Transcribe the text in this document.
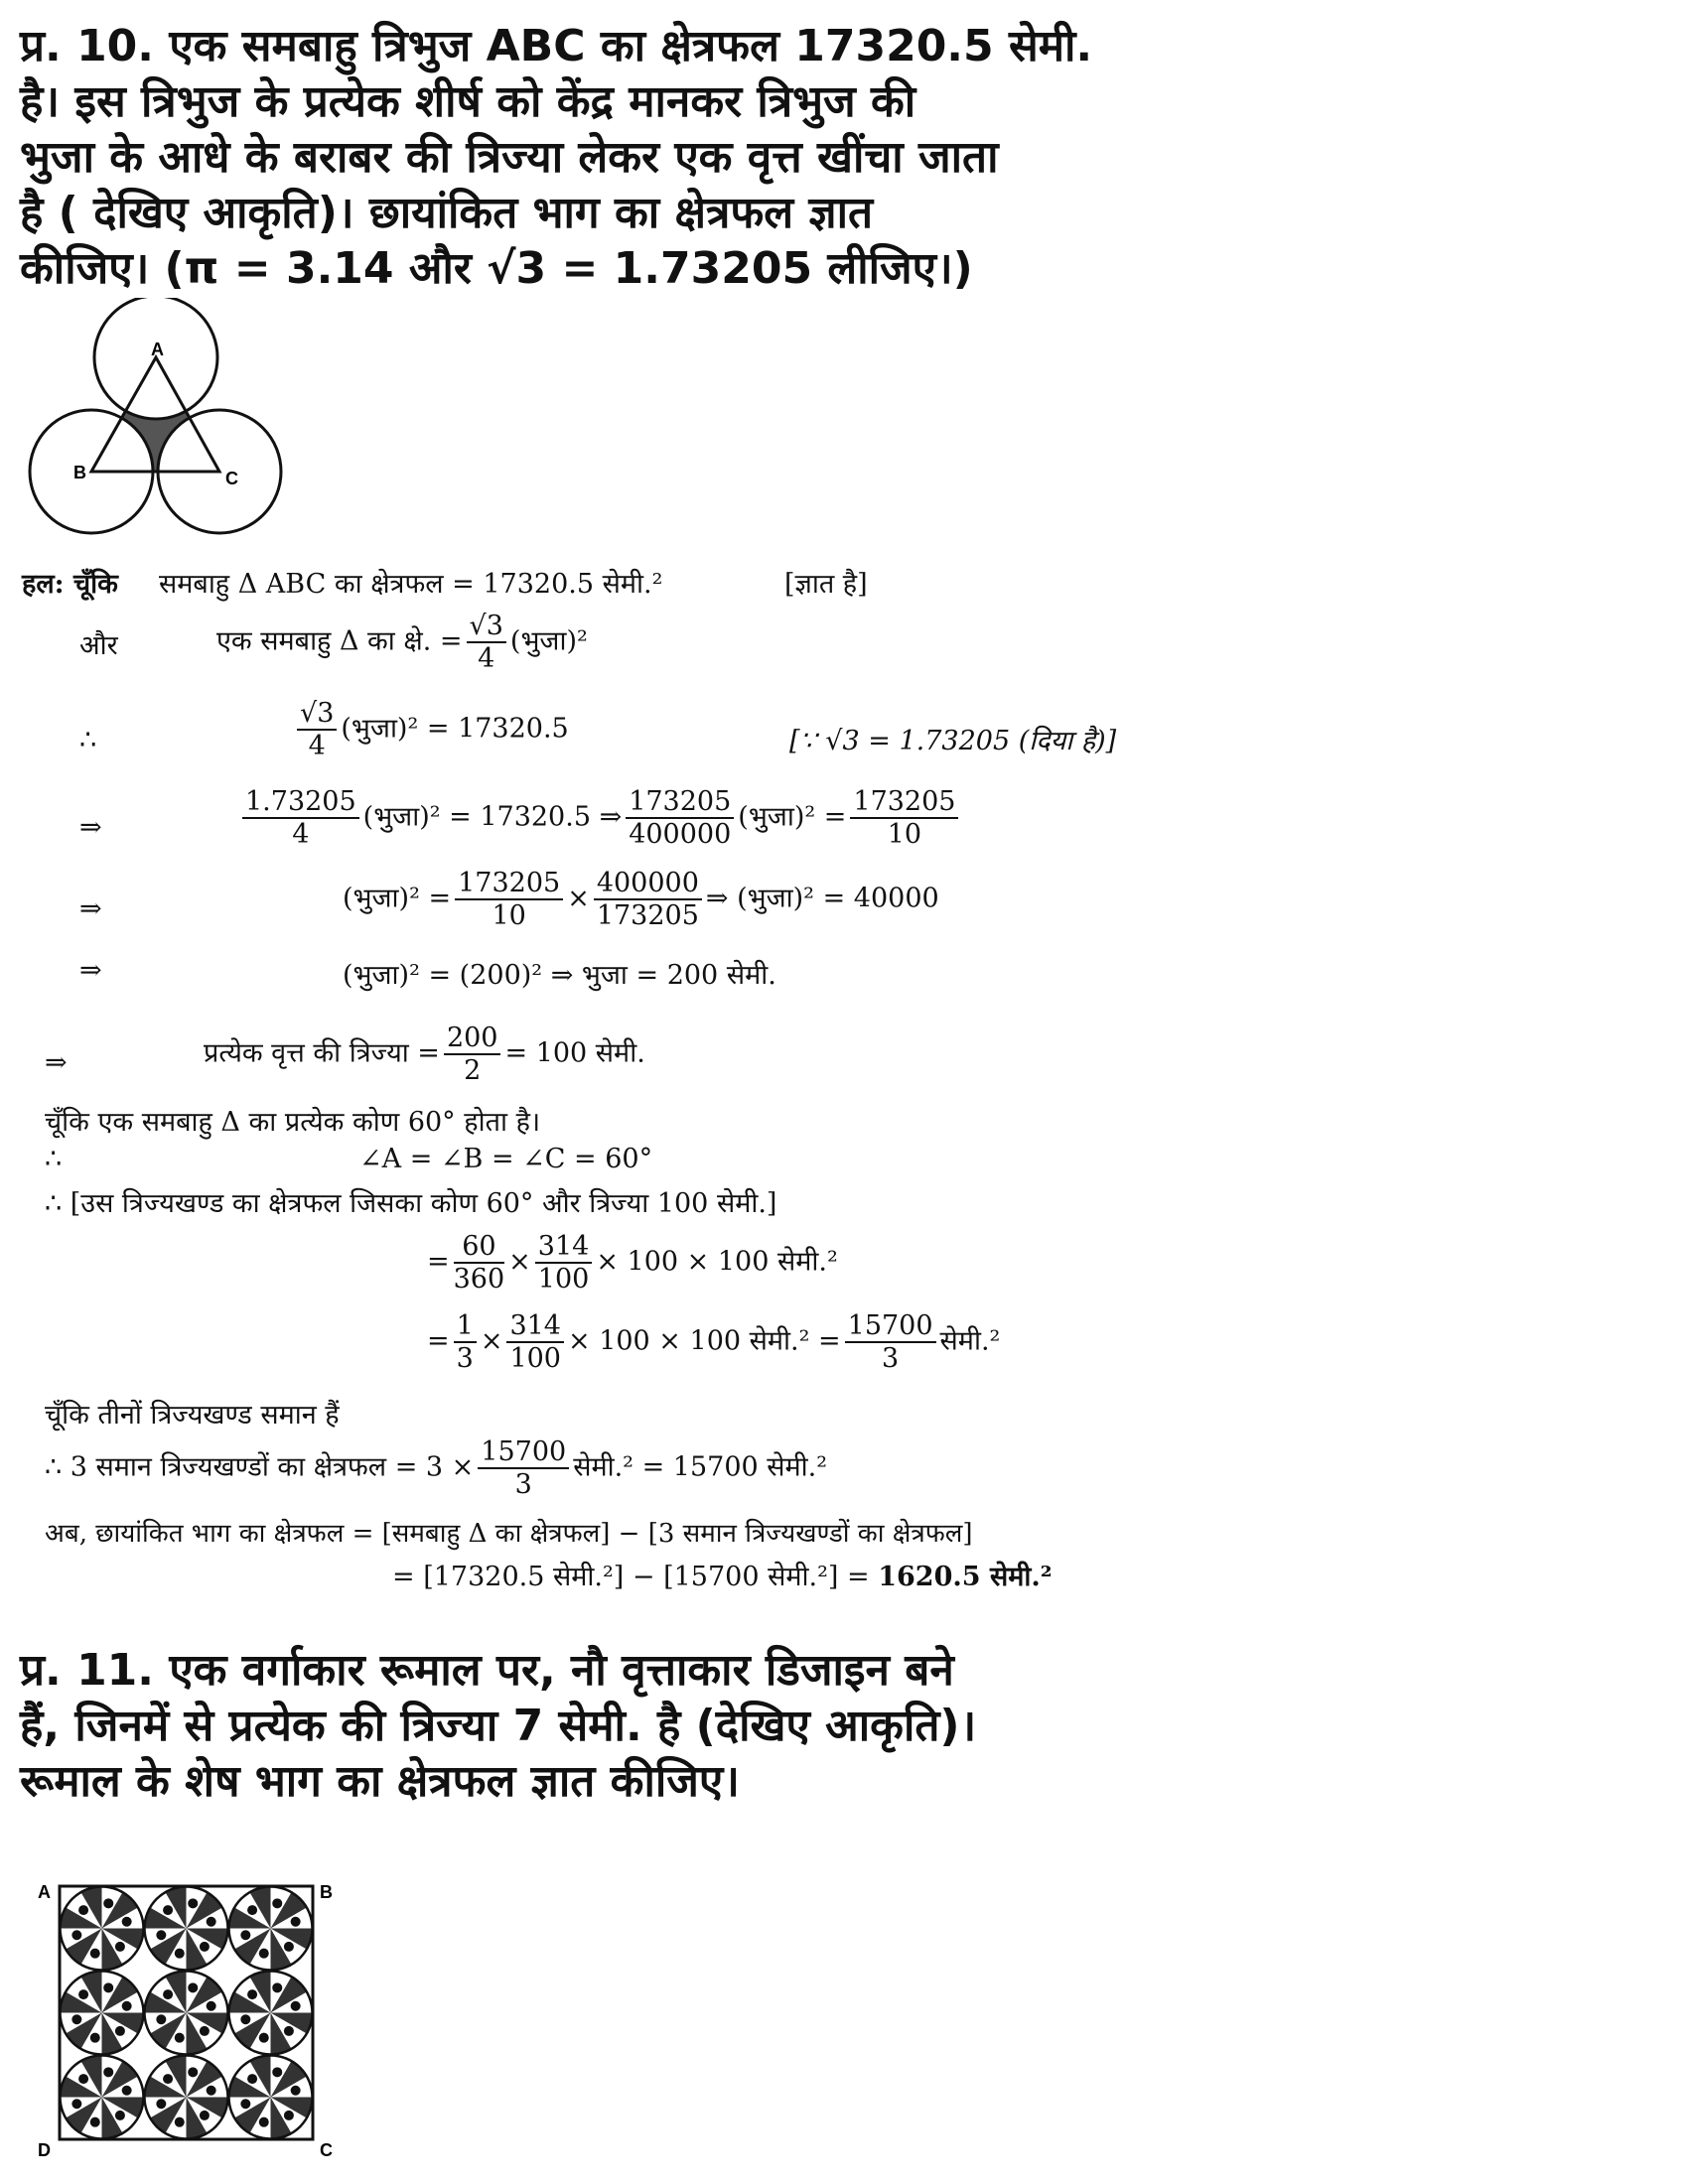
प्र. 10. एक समबाहु त्रिभुज ABC का क्षेत्रफल 17320.5 सेमी.
है। इस त्रिभुज के प्रत्येक शीर्ष को केंद्र मानकर त्रिभुज की
भुजा के आधे के बराबर की त्रिज्या लेकर एक वृत्त खींचा जाता
है ( देखिए आकृति)। छायांकित भाग का क्षेत्रफल ज्ञात
कीजिए। (π = 3.14 और √3 = 1.73205 लीजिए।)
A
B	C
हल: चूँकि समबाहु Δ ABC का क्षेत्रफल = 17320.5 सेमी.²	[ज्ञात है]
और	एक समबाहु Δ का क्षे. = $\frac{√3}{4}$ (भुजा)²
∴	$\frac{√3}{4}$ (भुजा)² = 17320.5	[∵ √3 = 1.73205 (दिया है)]
⇒	$\frac{1.73205}{4}$ (भुजा)² = 17320.5 ⇒ $\frac{173205}{400000}$ (भुजा)² = $\frac{173205}{10}$
⇒	(भुजा)² = $\frac{173205}{10} \times \frac{400000}{173205}$ ⇒ (भुजा)² = 40000
⇒	(भुजा)² = (200)² ⇒ भुजा = 200 सेमी.
⇒	प्रत्येक वृत्त की त्रिज्या = $\frac{200}{2} = 100$ सेमी.
चूँकि एक समबाहु Δ का प्रत्येक कोण 60° होता है।
∴	∠A = ∠B = ∠C = 60°
∴ [उस त्रिज्यखण्ड का क्षेत्रफल जिसका कोण 60° और त्रिज्या 100 सेमी.]
= $\frac{60}{360} \times \frac{314}{100} \times 100 \times 100$ सेमी.²
= $\frac{1}{3} \times \frac{314}{100} \times 100 \times 100$ सेमी.² = $\frac{15700}{3}$ सेमी.²
चूँकि तीनों त्रिज्यखण्ड समान हैं
∴ 3 समान त्रिज्यखण्डों का क्षेत्रफल = $3 \times \frac{15700}{3}$ सेमी.² = 15700 सेमी.²
अब, छायांकित भाग का क्षेत्रफल = [समबाहु Δ का क्षेत्रफल] − [3 समान त्रिज्यखण्डों का क्षेत्रफल]
= [17320.5 सेमी.²] − [15700 सेमी.²] = 1620.5 सेमी.²
प्र. 11. एक वर्गाकार रूमाल पर, नौ वृत्ताकार डिजाइन बने
हैं, जिनमें से प्रत्येक की त्रिज्या 7 सेमी. है (देखिए आकृति)।
रूमाल के शेष भाग का क्षेत्रफल ज्ञात कीजिए।
A	B
C
D
